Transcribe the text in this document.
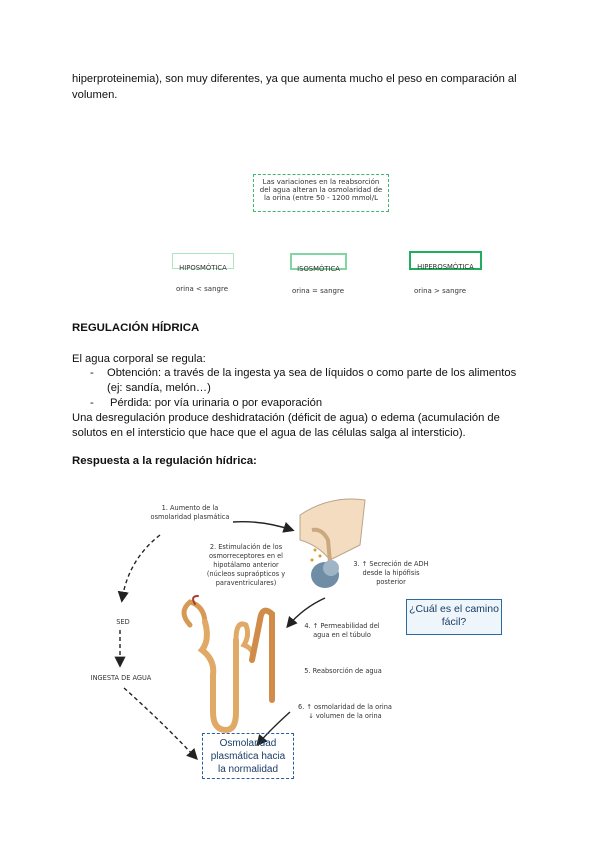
hiperproteinemia), son muy diferentes, ya que aumenta mucho el peso en comparación al
volumen.
Las variaciones en la reabsorción
del agua alteran la osmolaridad de
la orina (entre 50 - 1200 mmol/L
HIPOSMÓTICA
orina < sangre
ISOSMÓTICA
orina = sangre
HIPEROSMÓTICA
orina > sangre
REGULACIÓN HÍDRICA
El agua corporal se regula:
- Obtención: a través de la ingesta ya sea de líquidos o como parte de los alimentos
(ej: sandía, melón…)
- Pérdida: por vía urinaria o por evaporación
Una desregulación produce deshidratación (déficit de agua) o edema (acumulación de
solutos en el intersticio que hace que el agua de las células salga al intersticio).
Respuesta a la regulación hídrica:
1. Aumento de la
osmolaridad plasmática
2. Estimulación de los
osmorreceptores en el
hipotálamo anterior
(núcleos supraópticos y
paraventriculares)
3. ↑ Secreción de ADH
desde la hipófisis
posterior
4. ↑ Permeabilidad del
agua en el túbulo
5. Reabsorción de agua
6. ↑ osmolaridad de la orina
↓ volumen de la orina
SED
INGESTA DE AGUA
¿Cuál es el camino
fácil?
Osmolaridad
plasmática hacia
la normalidad
